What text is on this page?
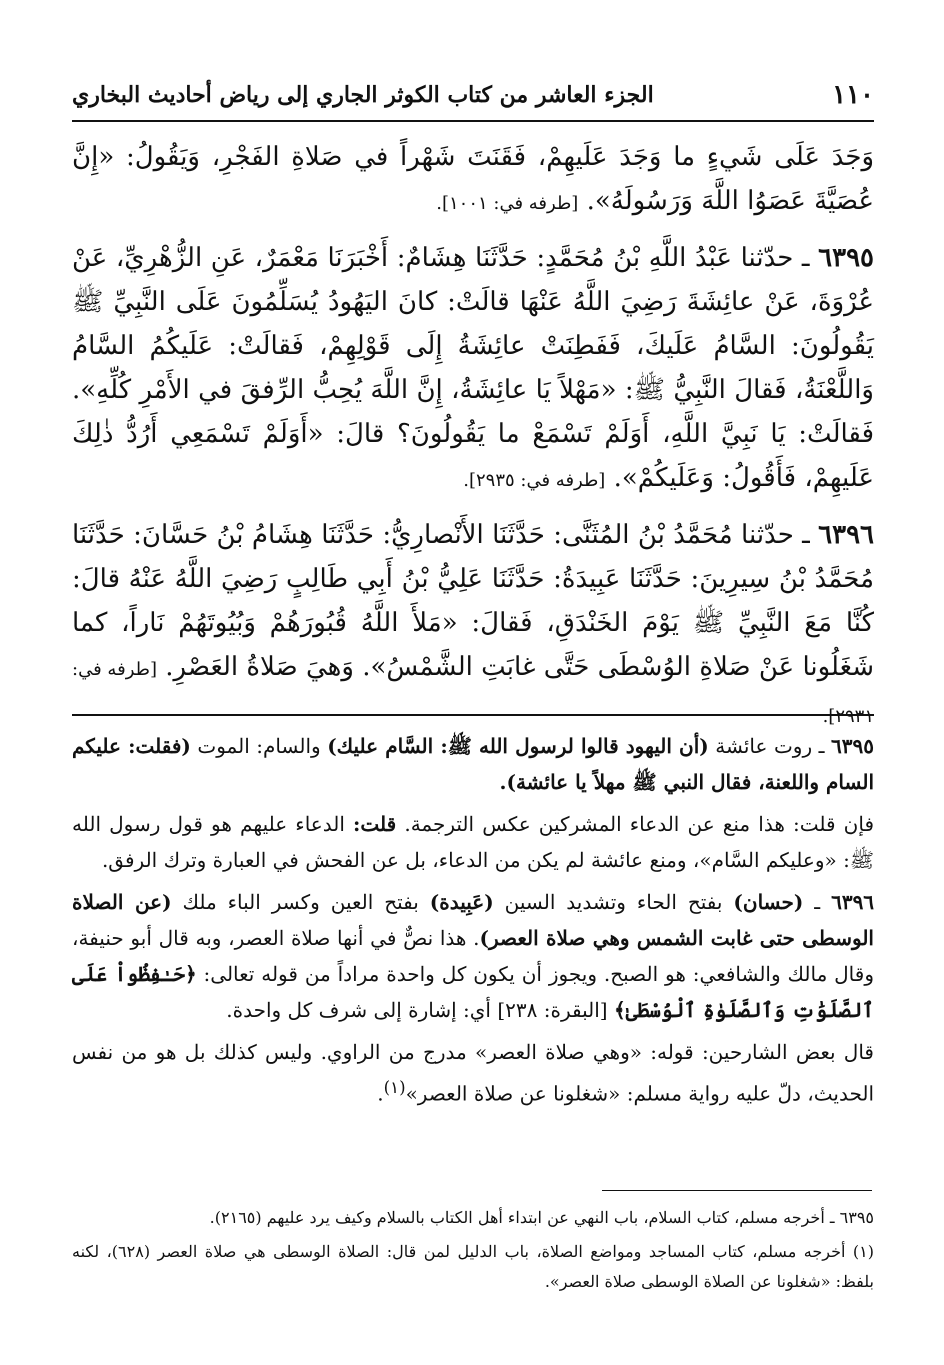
١١٠
الجزء العاشر من كتاب الكوثر الجاري إلى رياض أحاديث البخاري

وَجَدَ عَلَى شَيءٍ ما وَجَدَ عَلَيهِمْ، فَقَنَتَ شَهْراً في صَلاةِ الفَجْرِ، وَيَقُولُ: «إِنَّ عُصَيَّةَ عَصَوُا اللَّهَ وَرَسُولَهُ». [طرفه في: ١٠٠١].

٦٣٩٥ ـ حدّثنا عَبْدُ اللَّهِ بْنُ مُحَمَّدٍ: حَدَّثَنَا هِشَامٌ: أَخْبَرَنَا مَعْمَرٌ، عَنِ الزُّهْرِيِّ، عَنْ عُرْوَةَ، عَنْ عائِشَةَ رَضِيَ اللَّهُ عَنْهَا قالَتْ: كانَ اليَهُودُ يُسَلِّمُونَ عَلَى النَّبِيِّ ﷺ يَقُولُونَ: السَّامُ عَلَيكَ، فَفَطِنَتْ عائِشَةُ إِلَى قَوْلِهِمْ، فَقالَتْ: عَلَيكُمُ السَّامُ وَاللَّعْنَةُ، فَقالَ النَّبِيُّ ﷺ: «مَهْلاً يَا عائِشَةُ، إِنَّ اللَّهَ يُحِبُّ الرِّفقَ في الأَمْرِ كُلِّهِ». فَقالَتْ: يَا نَبِيَّ اللَّهِ، أَوَلَمْ تَسْمَعْ ما يَقُولُونَ؟ قالَ: «أَوَلَمْ تَسْمَعِي أَرُدُّ ذٰلِكَ عَلَيهِمْ، فَأَقُولُ: وَعَلَيكُمْ». [طرفه في: ٢٩٣٥].

٦٣٩٦ ـ حدّثنا مُحَمَّدُ بْنُ المُثَنَّى: حَدَّثَنَا الأَنْصارِيُّ: حَدَّثَنَا هِشَامُ بْنُ حَسَّانَ: حَدَّثَنَا مُحَمَّدُ بْنُ سِيرِينَ: حَدَّثَنَا عَبِيدَةُ: حَدَّثَنَا عَلِيُّ بْنُ أَبِي طَالِبٍ رَضِيَ اللَّهُ عَنْهُ قالَ: كُنَّا مَعَ النَّبِيِّ ﷺ يَوْمَ الخَنْدَقِ، فَقالَ: «مَلأَ اللَّهُ قُبُورَهُمْ وَبُيُوتَهُمْ نَاراً، كما شَغَلُونا عَنْ صَلاةِ الوُسْطَى حَتَّى غابَتِ الشَّمْسُ». وَهيَ صَلاةُ العَصْرِ. [طرفه في: ٢٩٣١].

٦٣٩٥ ـ روت عائشة (أن اليهود قالوا لرسول الله ﷺ: السَّام عليك) والسام: الموت (فقلت: عليكم السام واللعنة، فقال النبي ﷺ مهلاً يا عائشة).

فإن قلت: هذا منع عن الدعاء المشركين عكس الترجمة. قلت: الدعاء عليهم هو قول رسول الله ﷺ: «وعليكم السَّام»، ومنع عائشة لم يكن من الدعاء، بل عن الفحش في العبارة وترك الرفق.

٦٣٩٦ ـ (حسان) بفتح الحاء وتشديد السين (عَبِيدة) بفتح العين وكسر الباء ملك (عن الصلاة الوسطى حتى غابت الشمس وهي صلاة العصر). هذا نصٌّ في أنها صلاة العصر، وبه قال أبو حنيفة، وقال مالك والشافعي: هو الصبح. ويجوز أن يكون كل واحدة مراداً من قوله تعالى: ﴿حَـٰفِظُواْ عَلَى ٱلصَّلَوَٰتِ وَٱلصَّلَوٰةِ ٱلْوُسْطَىٰ﴾ [البقرة: ٢٣٨] أي: إشارة إلى شرف كل واحدة.

قال بعض الشارحين: قوله: «وهي صلاة العصر» مدرج من الراوي. وليس كذلك بل هو من نفس الحديث، دلّ عليه رواية مسلم: «شغلونا عن صلاة العصر»$^{(١)}$.

٦٣٩٥ ـ أخرجه مسلم، كتاب السلام، باب النهي عن ابتداء أهل الكتاب بالسلام وكيف يرد عليهم (٢١٦٥).

(١) أخرجه مسلم، كتاب المساجد ومواضع الصلاة، باب الدليل لمن قال: الصلاة الوسطى هي صلاة العصر (٦٢٨)، لكنه بلفظ: «شغلونا عن الصلاة الوسطى صلاة العصر».
